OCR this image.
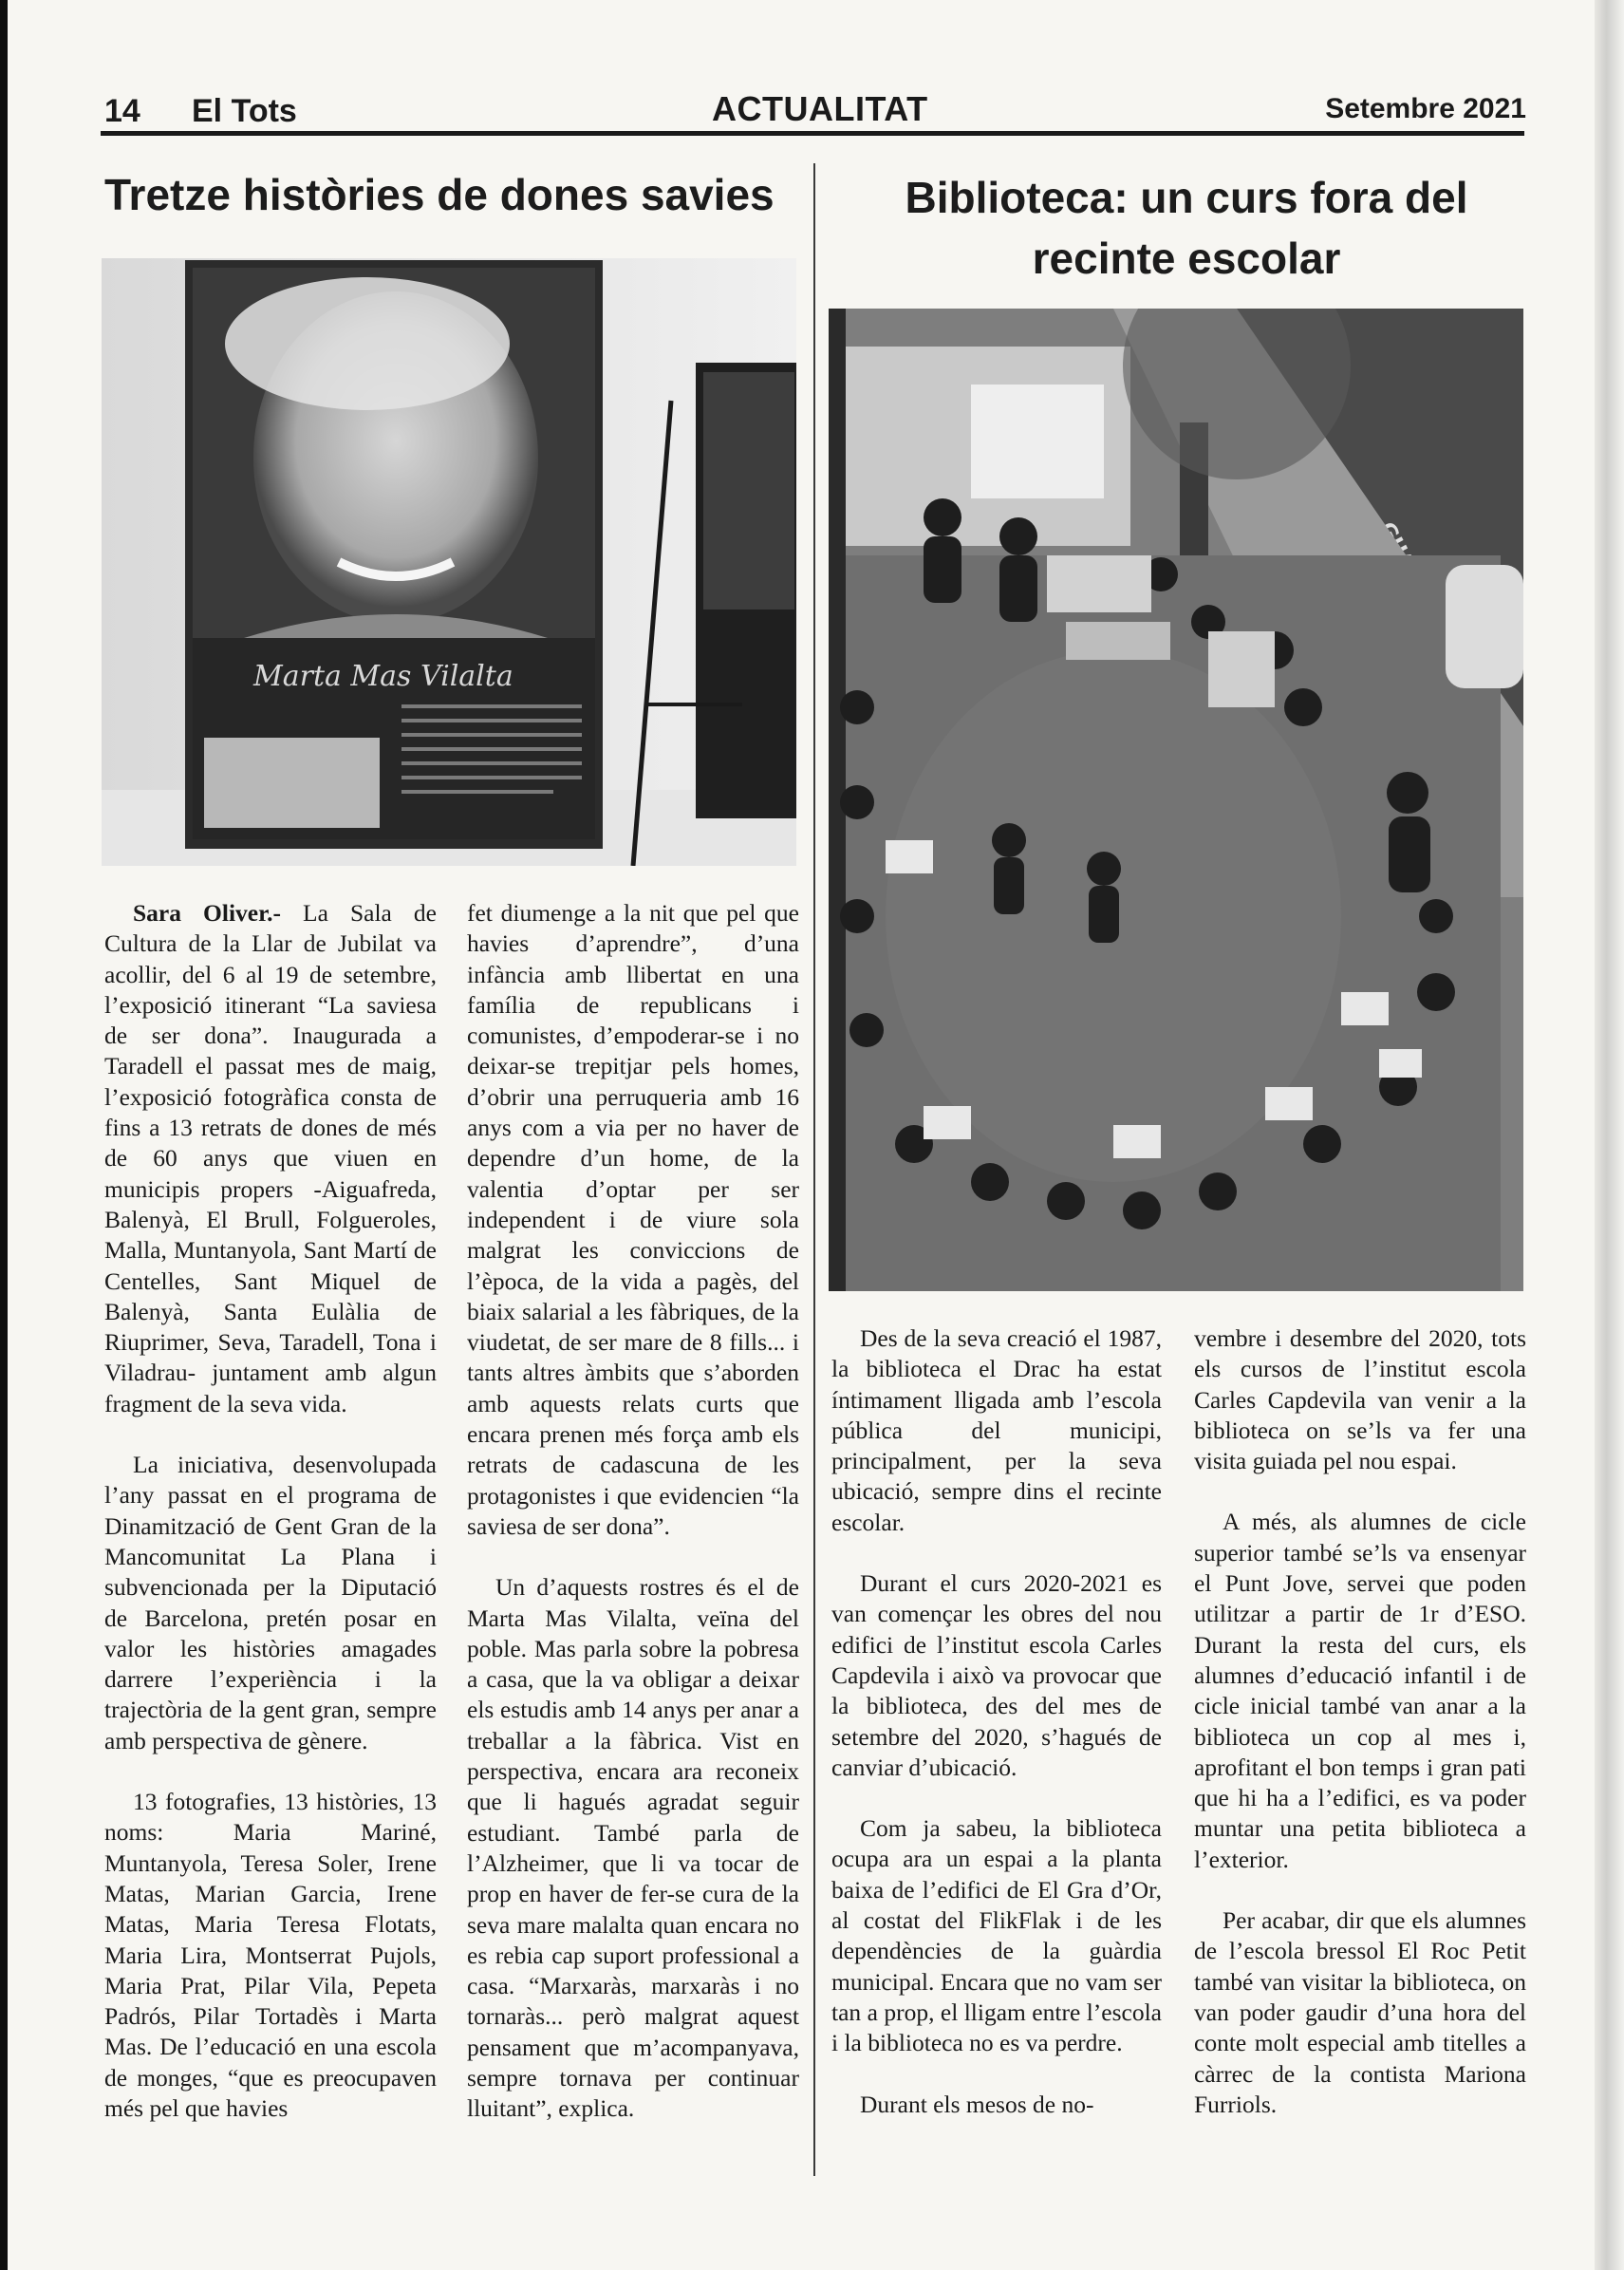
14 El Tots	ACTUALITAT	Setembre 2021
Tretze històries de dones savies	Biblioteca: un curs fora del recinte escolar
Marta Mas Vilalta

Sara Oliver.- La Sala de Cultura de la Llar de Jubilat va acollir, del 6 al 19 de setembre, l’exposició itinerant “La saviesa de ser dona”. Inaugurada a Taradell el passat mes de maig, l’exposició fotogràfica consta de fins a 13 retrats de dones de més de 60 anys que viuen en municipis propers -Aiguafreda, Balenyà, El Brull, Folgueroles, Malla, Muntanyola, Sant Martí de Centelles, Sant Miquel de Balenyà, Santa Eulàlia de Riuprimer, Seva, Taradell, Tona i Viladrau- juntament amb algun fragment de la seva vida.

La iniciativa, desenvolupada l’any passat en el programa de Dinamització de Gent Gran de la Mancomunitat La Plana i subvencionada per la Diputació de Barcelona, pretén posar en valor les històries amagades darrere l’experiència i la trajectòria de la gent gran, sempre amb perspectiva de gènere.

13 fotografies, 13 històries, 13 noms: Maria Mariné, Muntanyola, Teresa Soler, Irene Matas, Marian Garcia, Irene Matas, Maria Teresa Flotats, Maria Lira, Montserrat Pujols, Maria Prat, Pilar Vila, Pepeta Padrós, Pilar Tortadès i Marta Mas. De l’educació en una escola de monges, “que es preocupaven més pel que havies

fet diumenge a la nit que pel que havies d’aprendre”, d’una infància amb llibertat en una família de republicans i comunistes, d’empoderar-se i no deixar-se trepitjar pels homes, d’obrir una perruqueria amb 16 anys com a via per no haver de dependre d’un home, de la valentia d’optar per ser independent i de viure sola malgrat les conviccions de l’època, de la vida a pagès, del biaix salarial a les fàbriques, de la viudetat, de ser mare de 8 fills... i tants altres àmbits que s’aborden amb aquests relats curts que encara prenen més força amb els retrats de cadascuna de les protagonistes i que evidencien “la saviesa de ser dona”.

Un d’aquests rostres és el de Marta Mas Vilalta, veïna del poble. Mas parla sobre la pobresa a casa, que la va obligar a deixar els estudis amb 14 anys per anar a treballar a la fàbrica. Vist en perspectiva, encara ara reconeix que li hagués agradat seguir estudiant. També parla de l’Alzheimer, que li va tocar de prop en haver de fer-se cura de la seva mare malalta quan encara no es rebia cap suport professional a casa. “Marxaràs, marxaràs i no tornaràs... però malgrat aquest pensament que m’acompanyava, sempre tornava per continuar lluitant”, explica.

Des de la seva creació el 1987, la biblioteca el Drac ha estat íntimament lligada amb l’escola pública del municipi, principalment, per la seva ubicació, sempre dins el recinte escolar.

Durant el curs 2020-2021 es van començar les obres del nou edifici de l’institut escola Carles Capdevila i això va provocar que la biblioteca, des del mes de setembre del 2020, s’hagués de canviar d’ubicació.

Com ja sabeu, la biblioteca ocupa ara un espai a la planta baixa de l’edifici de El Gra d’Or, al costat del FlikFlak i de les dependències de la guàrdia municipal. Encara que no vam ser tan a prop, el lligam entre l’escola i la biblioteca no es va perdre.

Durant els mesos de no-

vembre i desembre del 2020, tots els cursos de l’institut escola Carles Capdevila van venir a la biblioteca on se’ls va fer una visita guiada pel nou espai.

A més, als alumnes de cicle superior també se’ls va ensenyar el Punt Jove, servei que poden utilitzar a partir de 1r d’ESO. Durant la resta del curs, els alumnes d’educació infantil i de cicle inicial també van anar a la biblioteca un cop al mes i, aprofitant el bon temps i gran pati que hi ha a l’edifici, es va poder muntar una petita biblioteca a l’exterior.

Per acabar, dir que els alumnes de l’escola bressol El Roc Petit també van visitar la biblioteca, on van poder gaudir d’una hora del conte molt especial amb titelles a càrrec de la contista Mariona Furriols.
